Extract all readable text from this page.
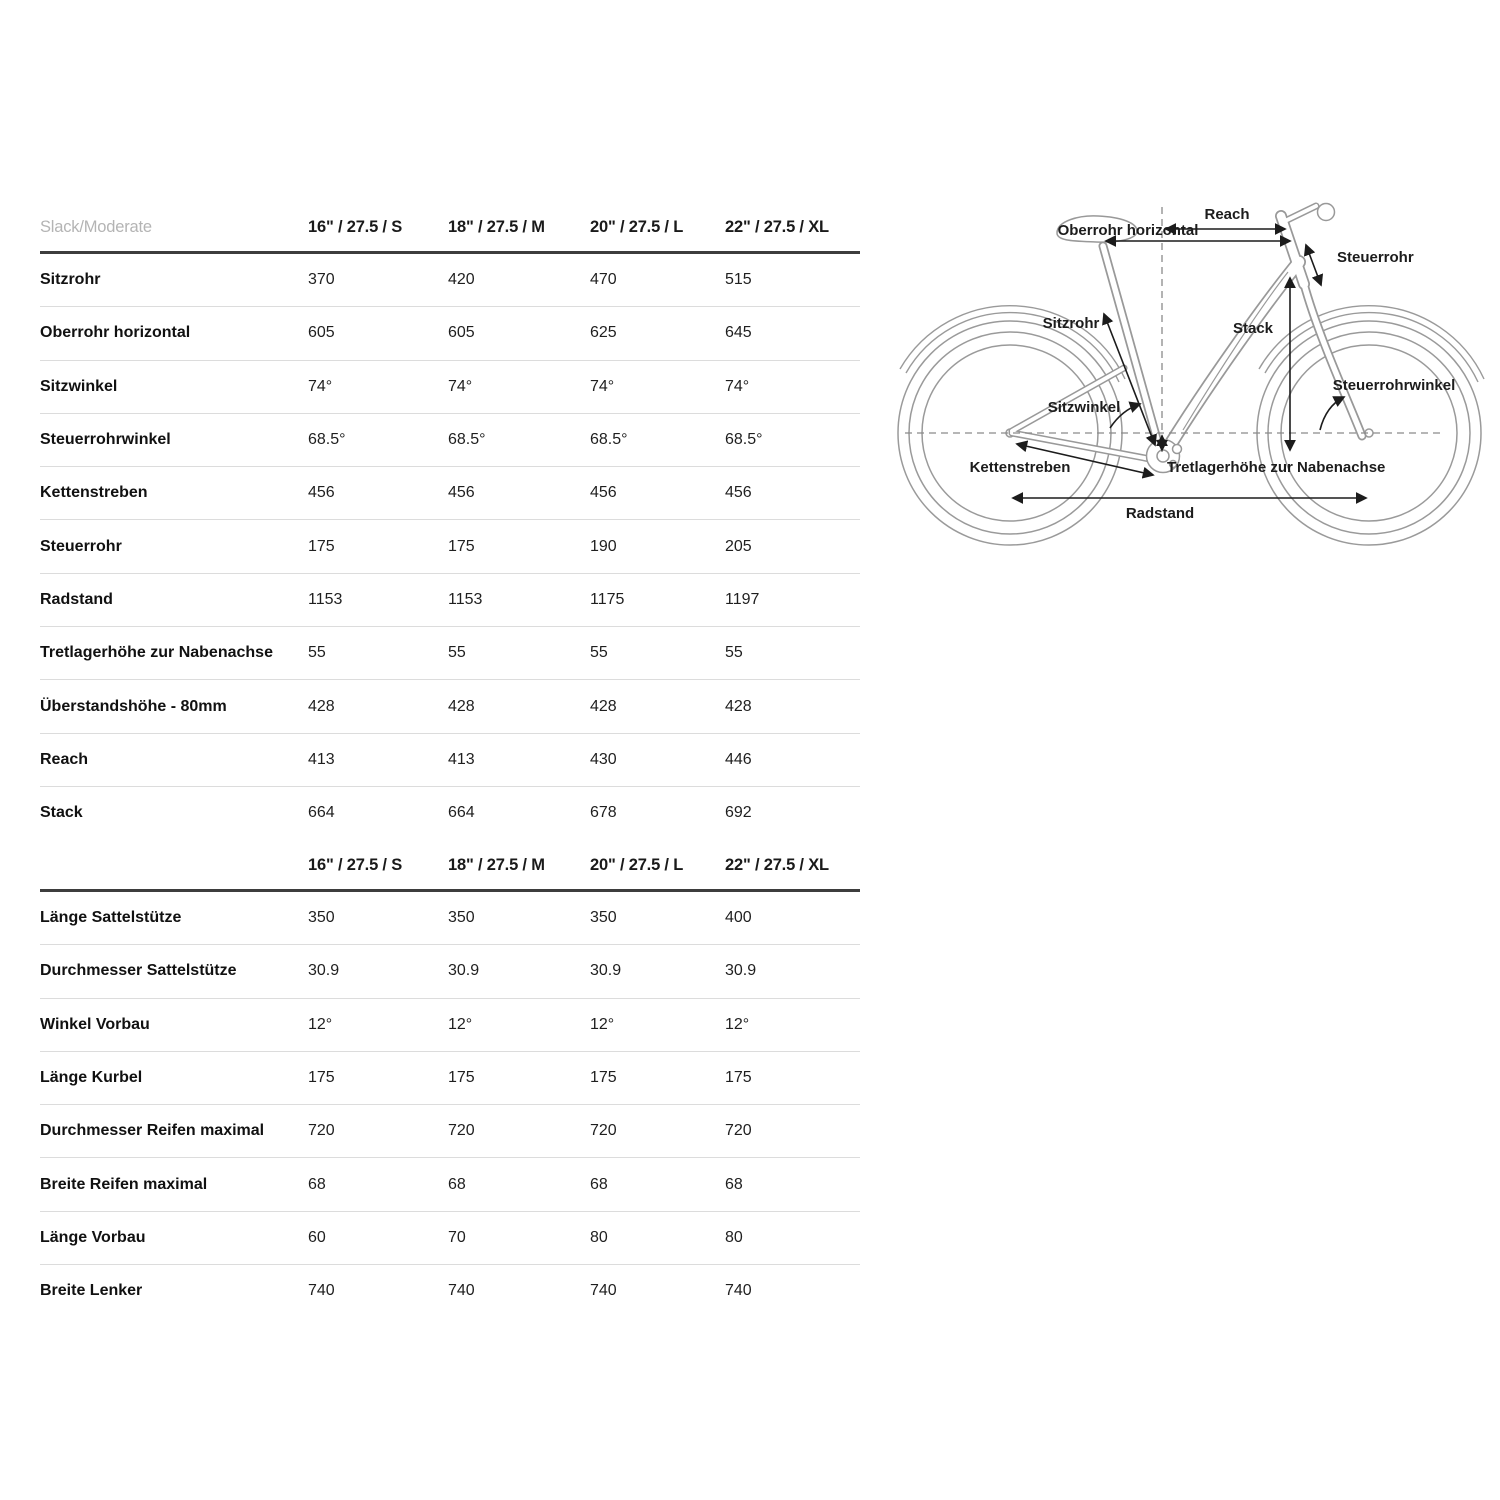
Slack/Moderate	16" / 27.5 / S	18" / 27.5 / M	20" / 27.5 / L	22" / 27.5 / XL
Sitzrohr	370	420	470	515
Oberrohr horizontal	605	605	625	645
Sitzwinkel	74°	74°	74°	74°
Steuerrohrwinkel	68.5°	68.5°	68.5°	68.5°
Kettenstreben	456	456	456	456
Steuerrohr	175	175	190	205
Radstand	1153	1153	1175	1197
Tretlagerhöhe zur Nabenachse	55	55	55	55
Überstandshöhe - 80mm	428	428	428	428
Reach	413	413	430	446
Stack	664	664	678	692
	16" / 27.5 / S	18" / 27.5 / M	20" / 27.5 / L	22" / 27.5 / XL
Länge Sattelstütze	350	350	350	400
Durchmesser Sattelstütze	30.9	30.9	30.9	30.9
Winkel Vorbau	12°	12°	12°	12°
Länge Kurbel	175	175	175	175
Durchmesser Reifen maximal	720	720	720	720
Breite Reifen maximal	68	68	68	68
Länge Vorbau	60	70	80	80
Breite Lenker	740	740	740	740
Reach
Oberrohr horizontal
Steuerrohr
Sitzrohr	Stack
Steuerrohrwinkel
Sitzwinkel
Kettenstreben	Tretlagerhöhe zur Nabenachse
Radstand
